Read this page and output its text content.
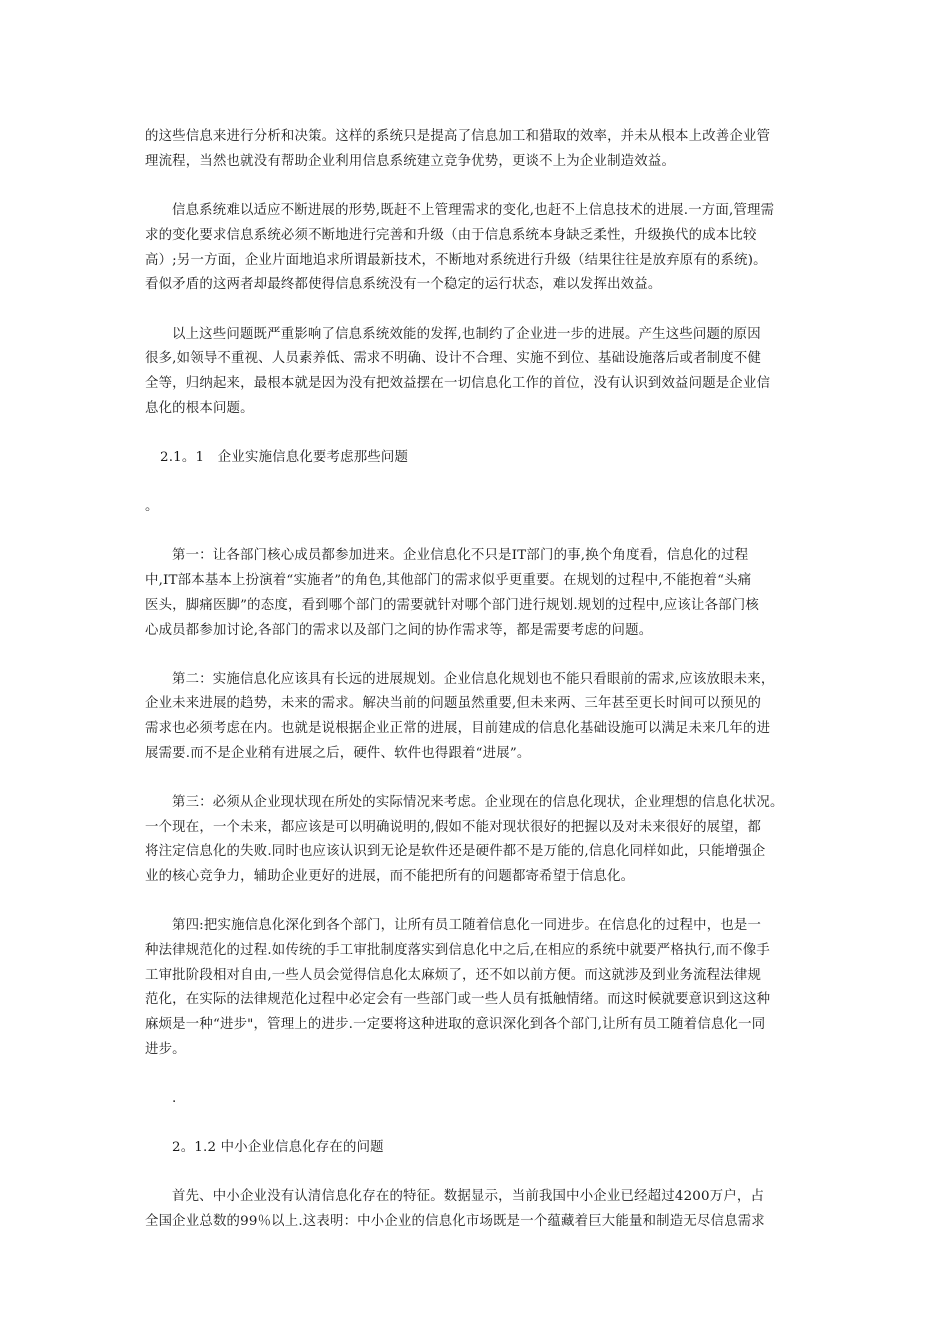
的这些信息来进行分析和决策。这样的系统只是提高了信息加工和猎取的效率，并未从根本上改善企业管
理流程，当然也就没有帮助企业利用信息系统建立竞争优势，更谈不上为企业制造效益。
信息系统难以适应不断进展的形势,既赶不上管理需求的变化,也赶不上信息技术的进展.一方面,管理需
求的变化要求信息系统必须不断地进行完善和升级（由于信息系统本身缺乏柔性，升级换代的成本比较
高）;另一方面，企业片面地追求所谓最新技术，不断地对系统进行升级（结果往往是放弃原有的系统)。
看似矛盾的这两者却最终都使得信息系统没有一个稳定的运行状态，难以发挥出效益。
以上这些问题既严重影响了信息系统效能的发挥,也制约了企业进一步的进展。产生这些问题的原因
很多,如领导不重视、人员素养低、需求不明确、设计不合理、实施不到位、基础设施落后或者制度不健
全等，归纳起来，最根本就是因为没有把效益摆在一切信息化工作的首位，没有认识到效益问题是企业信
息化的根本问题。
2.1。1　企业实施信息化要考虑那些问题
。
第一：让各部门核心成员都参加进来。企业信息化不只是IT部门的事,换个角度看，信息化的过程
中,IT部本基本上扮演着“实施者”的角色,其他部门的需求似乎更重要。在规划的过程中,不能抱着“头痛
医头，脚痛医脚”的态度，看到哪个部门的需要就针对哪个部门进行规划.规划的过程中,应该让各部门核
心成员都参加讨论,各部门的需求以及部门之间的协作需求等，都是需要考虑的问题。
第二：实施信息化应该具有长远的进展规划。企业信息化规划也不能只看眼前的需求,应该放眼未来，
企业未来进展的趋势，未来的需求。解决当前的问题虽然重要,但未来两、三年甚至更长时间可以预见的
需求也必须考虑在内。也就是说根据企业正常的进展，目前建成的信息化基础设施可以满足未来几年的进
展需要.而不是企业稍有进展之后，硬件、软件也得跟着“进展”。
第三：必须从企业现状现在所处的实际情况来考虑。企业现在的信息化现状，企业理想的信息化状况。
一个现在，一个未来，都应该是可以明确说明的,假如不能对现状很好的把握以及对未来很好的展望，都
将注定信息化的失败.同时也应该认识到无论是软件还是硬件都不是万能的,信息化同样如此，只能增强企
业的核心竞争力，辅助企业更好的进展，而不能把所有的问题都寄希望于信息化。
第四:把实施信息化深化到各个部门，让所有员工随着信息化一同进步。在信息化的过程中，也是一
种法律规范化的过程.如传统的手工审批制度落实到信息化中之后,在相应的系统中就要严格执行,而不像手
工审批阶段相对自由,一些人员会觉得信息化太麻烦了，还不如以前方便。而这就涉及到业务流程法律规
范化，在实际的法律规范化过程中必定会有一些部门或一些人员有抵触情绪。而这时候就要意识到这这种
麻烦是一种“进步"，管理上的进步.一定要将这种进取的意识深化到各个部门,让所有员工随着信息化一同
进步。
.
2。1.2 中小企业信息化存在的问题
首先、中小企业没有认清信息化存在的特征。数据显示，当前我国中小企业已经超过4200万户，占
全国企业总数的99％以上.这表明：中小企业的信息化市场既是一个蕴藏着巨大能量和制造无尽信息需求
